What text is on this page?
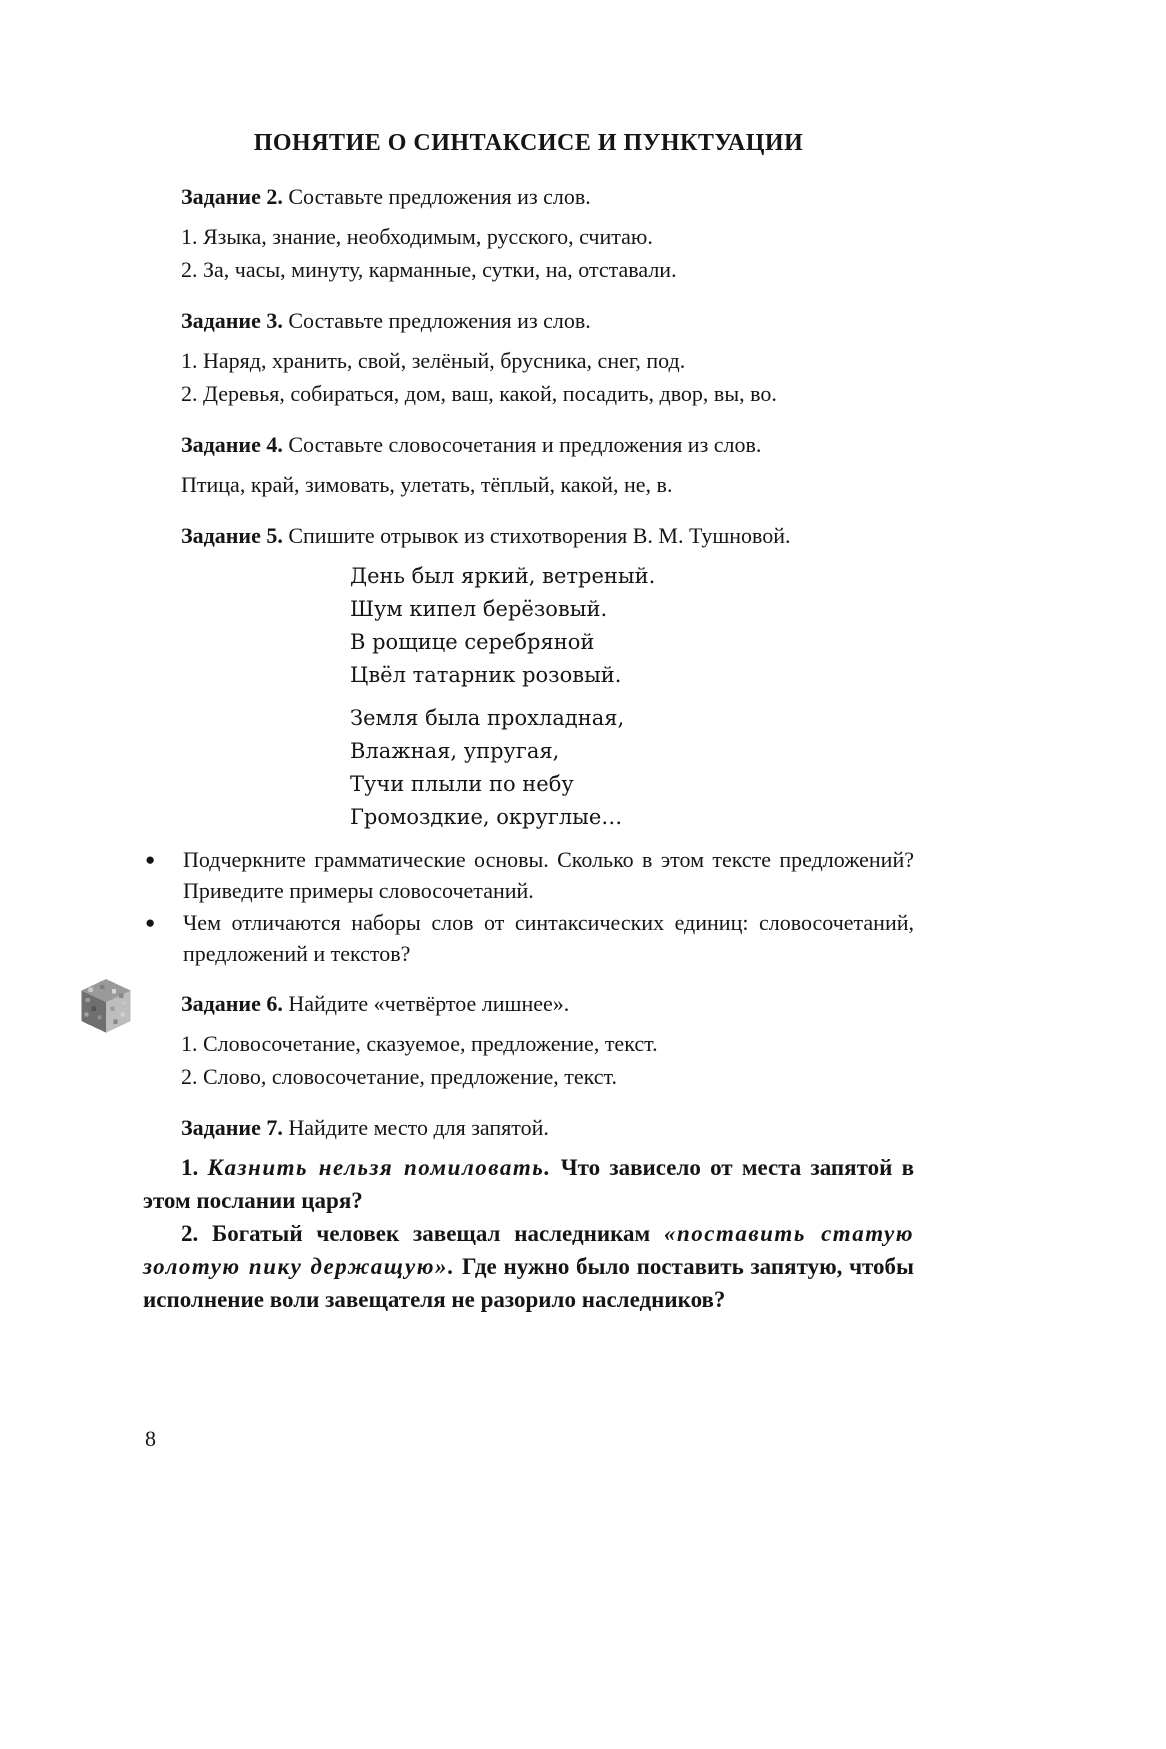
ПОНЯТИЕ О СИНТАКСИСЕ И ПУНКТУАЦИИ

Задание 2. Составьте предложения из слов.

1. Языка, знание, необходимым, русского, считаю.

2. За, часы, минуту, карманные, сутки, на, отставали.

Задание 3. Составьте предложения из слов.

1. Наряд, хранить, свой, зелёный, брусника, снег, под.

2. Деревья, собираться, дом, ваш, какой, посадить, двор, вы, во.

Задание 4. Составьте словосочетания и предложения из слов.

Птица, край, зимовать, улетать, тёплый, какой, не, в.

Задание 5. Спишите отрывок из стихотворения В. М. Тушновой.

День был яркий, ветреный.
Шум кипел берёзовый.
В рощице серебряной
Цвёл татарник розовый.
Земля была прохладная,
Влажная, упругая,
Тучи плыли по небу
Громоздкие, округлые…
● Подчеркните грамматические основы. Сколько в этом тексте предложений? Приведите примеры словосочетаний.
● Чем отличаются наборы слов от синтаксических единиц: словосочетаний, предложений и текстов?

Задание 6. Найдите «четвёртое лишнее».

1. Словосочетание, сказуемое, предложение, текст.

2. Слово, словосочетание, предложение, текст.

Задание 7. Найдите место для запятой.

1. Казнить нельзя помиловать. Что зависело от места запятой в этом послании царя?

2. Богатый человек завещал наследникам «поставить статую золотую пику держащую». Где нужно было поставить запятую, чтобы исполнение воли завещателя не разорило наследников?

8
